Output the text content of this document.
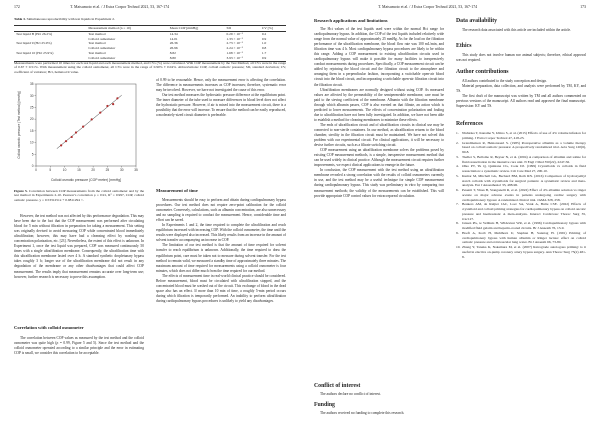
172	T. Matsumoto et al. / J Extra Corpor Technol 2021, 53, 167-174

Table 3. Simultaneous reproducibility with test liquids in Experiment 2.

	Measurement method (n = 10)	Mean COP [mmHg]	SD	CV [%]
Test liquid B (Hct 26.2%)	Test method	14.34	0.29 × 10⁻¹	0.2
	Colloid osmometer	14.01	1.33 × 10⁻¹	0.9
Test liquid 9 (Hct 25.9%)	Test method	26.36	2.73 × 10⁻¹	1.0
	Colloid osmometer	26.96	2.24 × 10⁻¹	0.8
Test liquid 10 (Hct 25.9%)	Test method	8.82	1.68 × 10⁻¹	1.7
	Colloid osmometer	8.80	3.93 × 10⁻¹	0.9

Measurements were performed 10 times for each test liquid and each measurement method, and CVs (%) were calculated. With COP measurement by the Test Method, all CVs were in the range of 0.67 ± 0.51%. With measurement using the colloid osmometer, all CVs were in the range of 0.90% ± 0.04%. Abbreviations: COP, colloid osmotic pressure; SD, standard deviation; CV, coefficient of variation; Hct, hematocrit value.

0	5	10	15	20	25	30	35
0
5
10
15
20
25
30
35
Colloid osmotic pressure (COP meter) [mmHg]
Colloid osmotic pressure (Test method) [mmHg]

Figure 5. Correlation between COP measurements from the colloid osmometer and by the test method in Experiments 2-10. Pearson’s correlation ρ = 0.91, R² = 0.997, COP, colloid osmotic pressure. y = 0.5331251x + 0.9811294 ×.

However, the test method was not affected by this performance degradation. This may have been due to the fact that the COP measurement was performed after circulating blood for 5 min without filtration in preparation for taking a measurement. This setting was originally devised to avoid measuring COP while concentrated blood immediately ultrafiltration; however, this may have had a cleansing effect by washing out concentration polarization, etc. [23]. Nevertheless, the extent of this effect is unknown. In Experiment 1, once the test liquid was prepared, COP was measured continuously 50 times with a single ultrafiltration membrane. Consequently, the ultrafiltration time with this ultrafiltration membrane lasted over 4 h. A standard synthetic dropletunary bypass takes roughly 3 h; longer use of the ultrafiltration membrane did not result in any degradation of the membrane or any other disadvantages that could affect COP measurement. The results imply that measurement remains accurate over long-term use; however, further research is necessary to prove this assumption.

Correlation with colloid osmometer

The correlation between COP values as measured by the test method and the colloid osmometer was quite high (ρ = 0.99, Figure 5 and 5). Since the test method and the colloid osmometer operated according to a similar principle and the error in estimating COP is small, we consider this correlation to be acceptable.

of 0.99 to be reasonable. Hence, only the measurement error is affecting the correlation. The difference in measurements increases as COP increases; therefore, systematic error may be involved. However, we have not investigated the cause of this error.

Our test method measures the hydrostatic pressure difference at the equilibrium point. The inner diameter of the tube used to measure differences in blood level does not affect the hydrostatic pressure. However, if air is mixed into the measurement circuit, there is a possibility that the error will increase. To ensure that the method can be easily reproduced, a moderately-sized circuit diameter is preferable.

Measurement of time

Measurements should be easy to perform and obtain during cardiopulmonary bypass procedures. Our test method does not require zero-point calibration for the colloid osmometer. Conversely, calculations, such as albumin concentration, are also unnecessary and no sampling is required to conduct the measurement. Hence, considerable time and effort can be saved.

In Experiments 1 and 2, the time required to complete the ultrafiltration and reach equilibrium increased with increasing COP. With the colloid osmometer, the time until the results were displayed also increased. This likely results from an increase in the amount of solvent transfer accompanying an increase in COP.

The limitation of our test method is that the amount of time required for solvent transfer to reach equilibrium is unknown. Additionally, the time required to draw the equilibrium point, care must be taken not to measure during solvent transfer. For the test method to remain valid, we measured a standby time of approximately three minutes. The maximum amount of time required for measurements using a colloid osmometer is four minutes, which does not differ much from the time required for our method.

The effects of measurement time in real-world clinical practice should be considered. Before measurement, blood must be circulated with ultrafiltration stopped, and the concentrated blood must be washed out of the circuit. This exchange of blood in the dead space also has an effect. If more than 10 min of time, a roughly 5-min period occurs during which filtration is temporarily performed. An inability to perform ultrafiltration during cardiopulmonary bypass procedures is unlikely to yield any disadvantages.

T. Matsumoto et al. / J Extra Corpor Technol 2021, 53, 167-174	173
Research applications and limitations

The Hct values of the test liquids used were within the normal Hct range for cardiopulmonary bypass. In addition, the COP of the test liquids included relatively wide range from the normal value of approximately 25 mmHg. As for the load on the filtration performance of the ultrafiltration membrane, the blood flow rate was 100 mL/min, and filtration time was 4 h. Most cardiopulmonary bypass procedures are likely to be within this range. Adding a COP measurement to existing ultrafiltration circuits used in cardiopulmonary bypass will make it possible for many facilities to inexpensively conduct measurements during procedures. Specifically, a COP measurement circuit can be added by rejoining the blood circuit and the filtration circuit to the atmosphere and arranging them in a perpendicular fashion, incorporating a switchable open-air blood circuit into the blood circuit, and incorporating a switchable open-air filtration circuit into the filtration circuit.

Ultrafiltration membranes are normally designed without using COP. As measured values are affected by the permeability of the semipermeable membrane, care must be paid to the sieving coefficient of the membrane. Albumin with the filtration membrane through which albumin passes, COP is also exerted on that filtrate, an action which is predicted to lower measurements. The effects of concentration polarization and fouling due to ultrafiltration have not been fully investigated. In addition, we have not been able to establish a method for cleaning membranes to minimize these effects.

The ends of ultrafiltration circuit and of ultrafiltration circuits in clinical use may be connected to non-sterile containers. In our method, as ultrafiltration returns to the blood chamber, sterility in the filtration circuit must be maintained. We have not solved this problem with our experimental circuit. For clinical applications, it will be necessary to devise further circuits, such as a filtrate switching circuit.

COP measurement using an ultrafiltration membrane solves the problems posed by existing COP measurement methods, is a simple, inexpensive measurement method that can be used widely in clinical practice. Although the measurement circuit requires further improvements, we expect clinical applications to emerge in the future.

In conclusion, the COP measurement with the test method using an ultrafiltration membrane revealed a strong correlation with the results of colloid osmometers currently in use, and the test method may be a useful technique for simple COP measurement during cardiopulmonary bypass. This study was preliminary in vitro by comparing two measurement methods; the validity of the measurements can be established. This will provide appropriate COP control values for extracorporeal circulation.

Conflict of interest

The authors declare no conflict of interest.

Funding

The authors received no funding to complete this research.

Data availability

The research data associated with this article are included within the article.

Ethics

This study does not involve human nor animal subjects; therefore, ethical approval was not required.

Author contributions

All authors contributed to the study conception and design.

Material preparation, data collection, and analysis were performed by TM, KY, and TS.

The first draft of the manuscript was written by TM and all authors commented on previous versions of the manuscript. All authors read and approved the final manuscript. Supervision: KY and TS.

References
1. Nishioka T, Kaname Y, Ichino S, et al. (2015) Effects of use of 4% volume infusion for priming. J Extra Corpor Technol 47, 418-23.
2. Grandmaison R, Heinonsaari S. (1985) Postoperative albumin as a volume therapy based on colloid osmotic pressure: A prospectively randomized trial. Acta Surg 120(6), 90-8.
3. Tiedler S, Bellomo R, Beyser N, et al. (2004) A comparison of albumin and saline for fluid resuscitation in the intensive care unit. N Engl J Med 350(22), 2247-56.
4. Olko PT, Yu Q, Quintana CG, Cook DJ. (1999) Crystalloids vs colloids in fluid resuscitation: a systematic review. Crit Care Med 27, 200-10.
5. Kumar M, Mitchell GG, Bechard BM, Roth RN. (2016) Comparison of hydroxyethyl starch colloids with crystalloids for surgical patients: A systematic review and meta-analysis. Eur J Anaesthesiol 33, 488-96.
6. Pesenti T, Vines B, Stanganelli R, et al. (2022) Effect of 4% albumin solution vs ringer acetate on major adverse events in patients undergoing cardiac surgery with cardiopulmonary bypass: A randomized clinical trial. JAMA 328, 258.
7. Beukers AM, de Ruijter JAC, Loer SA, Vonk A, Bulte CSE. (2022) Effects of crystalloid and colloid priming strategies for cardiopulmonary bypass on colloid oncotic pressure and haemostasis: A meta-analysis. Interact Cardiovasc Thorac Surg 35, ivac127.
8. Jansen PG, te Velthuis H, Wildevuur WR, et al. (1996) Cardiopulmonary bypass with modified fluid gelatin and heparin-coated circuits. Br J Anaesth 76, 13-9.
9. Hoeft A, Korb H, Mehlhorn U, Stephan H, Sonntag H. (1991) Priming of cardiopulmonary bypass with human albumin or Ringer lactate: effect on colloid osmotic pressure and extravascular lung water. Br J Anaesth 66, 73-80.
10. Zhang Y, Tanaka K, Nakamura M, et al. (2007) Retrograde autologous priming: is it useful in elective on-pump coronary artery bypass surgery. Ann Thorac Surg 75(2) 481-8.
